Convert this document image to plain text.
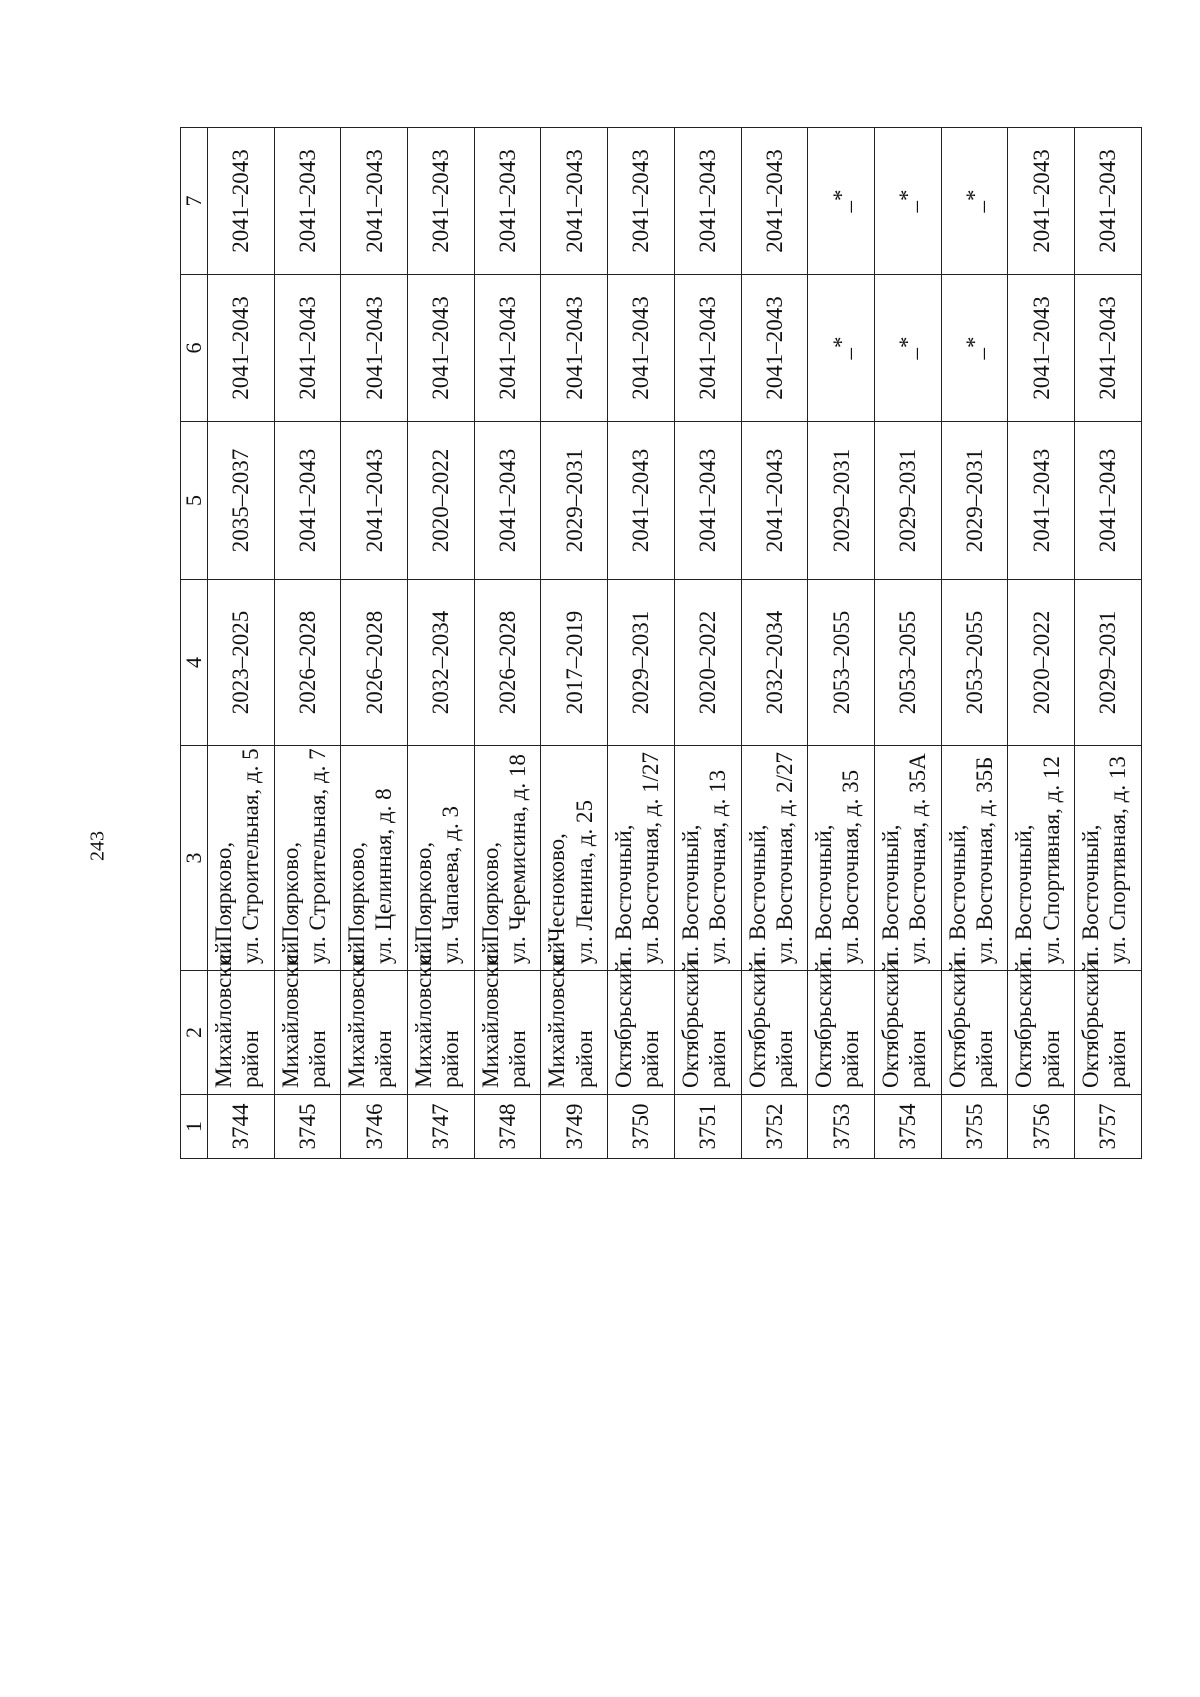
243
1	2	3	4	5	6	7
3744	Михайловский район	с. Пояркoво, ул. Строительная, д. 5	2023–2025	2035–2037	2041–2043	2041–2043
3745	Михайловский район	с. Пояркoво, ул. Строительная, д. 7	2026–2028	2041–2043	2041–2043	2041–2043
3746	Михайловский район	с. Пояркoво, ул. Целинная, д. 8	2026–2028	2041–2043	2041–2043	2041–2043
3747	Михайловский район	с. Пояркoво, ул. Чапаева, д. 3	2032–2034	2020–2022	2041–2043	2041–2043
3748	Михайловский район	с. Пояркoво, ул. Черемисина, д. 18	2026–2028	2041–2043	2041–2043	2041–2043
3749	Михайловский район	с. Чесноково, ул. Ленина, д. 25	2017–2019	2029–2031	2041–2043	2041–2043
3750	Октябрьский район	п. Восточный, ул. Восточная, д. 1/27	2029–2031	2041–2043	2041–2043	2041–2043
3751	Октябрьский район	п. Восточный, ул. Восточная, д. 13	2020–2022	2041–2043	2041–2043	2041–2043
3752	Октябрьский район	п. Восточный, ул. Восточная, д. 2/27	2032–2034	2041–2043	2041–2043	2041–2043
3753	Октябрьский район	п. Восточный, ул. Восточная, д. 35	2053–2055	2029–2031	_*	_*
3754	Октябрьский район	п. Восточный, ул. Восточная, д. 35А	2053–2055	2029–2031	_*	_*
3755	Октябрьский район	п. Восточный, ул. Восточная, д. 35Б	2053–2055	2029–2031	_*	_*
3756	Октябрьский район	п. Восточный, ул. Спортивная, д. 12	2020–2022	2041–2043	2041–2043	2041–2043
3757	Октябрьский район	п. Восточный, ул. Спортивная, д. 13	2029–2031	2041–2043	2041–2043	2041–2043
